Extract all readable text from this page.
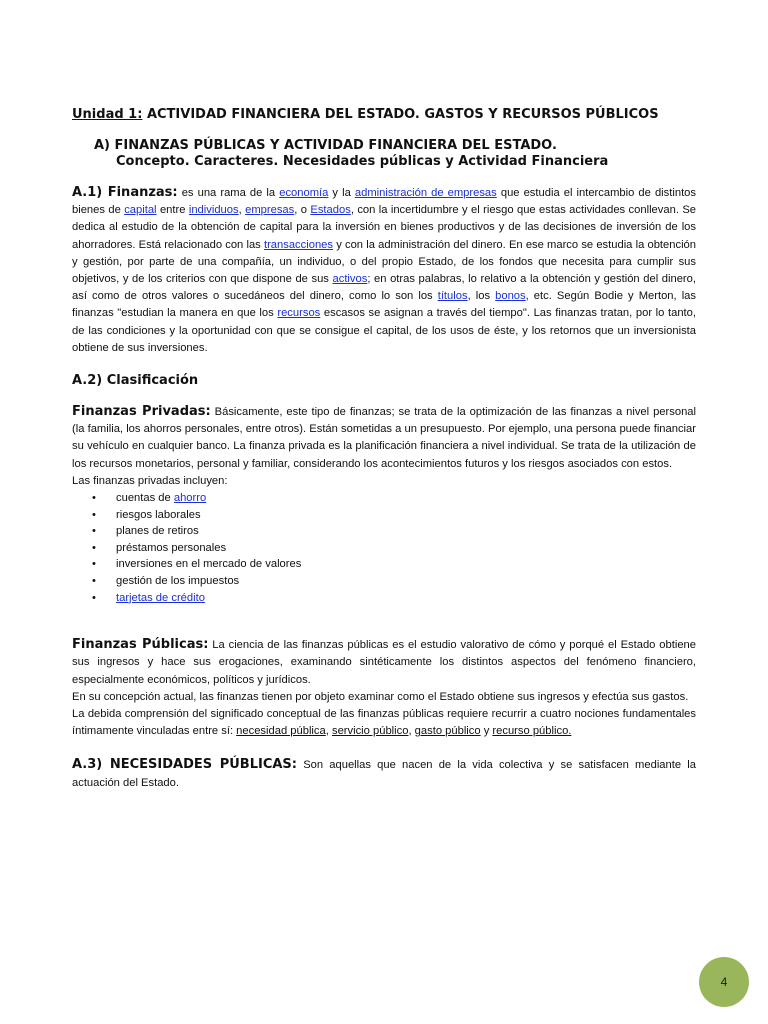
Unidad 1: ACTIVIDAD FINANCIERA DEL ESTADO. GASTOS Y RECURSOS PÚBLICOS
A) FINANZAS PÚBLICAS Y ACTIVIDAD FINANCIERA DEL ESTADO.
Concepto. Caracteres. Necesidades públicas y Actividad Financiera

A.1) Finanzas: es una rama de la economía y la administración de empresas que estudia el intercambio de distintos bienes de capital entre individuos, empresas, o Estados, con la incertidumbre y el riesgo que estas actividades conllevan. Se dedica al estudio de la obtención de capital para la inversión en bienes productivos y de las decisiones de inversión de los ahorradores. Está relacionado con las transacciones y con la administración del dinero. En ese marco se estudia la obtención y gestión, por parte de una compañía, un individuo, o del propio Estado, de los fondos que necesita para cumplir sus objetivos, y de los criterios con que dispone de sus activos; en otras palabras, lo relativo a la obtención y gestión del dinero, así como de otros valores o sucedáneos del dinero, como lo son los títulos, los bonos, etc. Según Bodie y Merton, las finanzas "estudian la manera en que los recursos escasos se asignan a través del tiempo". Las finanzas tratan, por lo tanto, de las condiciones y la oportunidad con que se consigue el capital, de los usos de éste, y los retornos que un inversionista obtiene de sus inversiones.

A.2) Clasificación

Finanzas Privadas: Básicamente, este tipo de finanzas; se trata de la optimización de las finanzas a nivel personal (la familia, los ahorros personales, entre otros). Están sometidas a un presupuesto. Por ejemplo, una persona puede financiar su vehículo en cualquier banco. La finanza privada es la planificación financiera a nivel individual. Se trata de la utilización de los recursos monetarios, personal y familiar, considerando los acontecimientos futuros y los riesgos asociados con estos.

Las finanzas privadas incluyen:

• cuentas de ahorro
• riesgos laborales
• planes de retiros
• préstamos personales
• inversiones en el mercado de valores
• gestión de los impuestos
• tarjetas de crédito

Finanzas Públicas: La ciencia de las finanzas públicas es el estudio valorativo de cómo y porqué el Estado obtiene sus ingresos y hace sus erogaciones, examinando sintéticamente los distintos aspectos del fenómeno financiero, especialmente económicos, políticos y jurídicos.

En su concepción actual, las finanzas tienen por objeto examinar como el Estado obtiene sus ingresos y efectúa sus gastos.

La debida comprensión del significado conceptual de las finanzas públicas requiere recurrir a cuatro nociones fundamentales íntimamente vinculadas entre sí: necesidad pública, servicio público, gasto público y recurso público.

A.3) NECESIDADES PÚBLICAS: Son aquellas que nacen de la vida colectiva y se satisfacen mediante la actuación del Estado.

4
